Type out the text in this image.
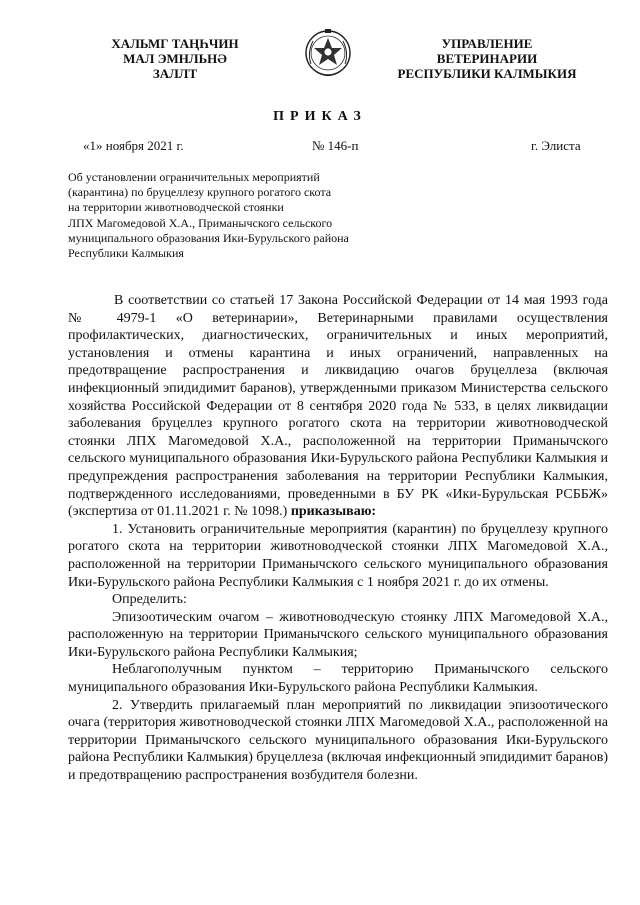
ХАЛЬМГ ТАҢҺЧИН
МАЛ ЭМНЛЬНӘ
ЗАЛЛТ
УПРАВЛЕНИЕ
ВЕТЕРИНАРИИ
РЕСПУБЛИКИ КАЛМЫКИЯ
ПРИКАЗ
«1» ноября 2021 г.	№ 146-п	г. Элиста
Об установлении ограничительных мероприятий
(карантина) по бруцеллезу крупного рогатого скота
на территории животноводческой стоянки
ЛПХ Магомедовой Х.А., Приманычского сельского
муниципального образования Ики-Бурульского района
Республики Калмыкия

В соответствии со статьей 17 Закона Российской Федерации от 14 мая 1993 года № 4979-1 «О ветеринарии», Ветеринарными правилами осуществления профилактических, диагностических, ограничительных и иных мероприятий, установления и отмены карантина и иных ограничений, направленных на предотвращение распространения и ликвидацию очагов бруцеллеза (включая инфекционный эпидидимит баранов), утвержденными приказом Министерства сельского хозяйства Российской Федерации от 8 сентября 2020 года № 533, в целях ликвидации заболевания бруцеллез крупного рогатого скота на территории животноводческой стоянки ЛПХ Магомедовой Х.А., расположенной на территории Приманычского сельского муниципального образования Ики-Бурульского района Республики Калмыкия и предупреждения распространения заболевания на территории Республики Калмыкия, подтвержденного исследованиями, проведенными в БУ РК «Ики-Бурульская РСББЖ» (экспертиза от 01.11.2021 г. № 1098.) приказываю:

1. Установить ограничительные мероприятия (карантин) по бруцеллезу крупного рогатого скота на территории животноводческой стоянки ЛПХ Магомедовой Х.А., расположенной на территории Приманычского сельского муниципального образования Ики-Бурульского района Республики Калмыкия с 1 ноября 2021 г. до их отмены.

Определить:

Эпизоотическим очагом – животноводческую стоянку ЛПХ Магомедовой Х.А., расположенную на территории Приманычского сельского муниципального образования Ики-Бурульского района Республики Калмыкия;

Неблагополучным пунктом – территорию Приманычского сельского муниципального образования Ики-Бурульского района Республики Калмыкия.

2. Утвердить прилагаемый план мероприятий по ликвидации эпизоотического очага (территория животноводческой стоянки ЛПХ Магомедовой Х.А., расположенной на территории Приманычского сельского муниципального образования Ики-Бурульского района Республики Калмыкия) бруцеллеза (включая инфекционный эпидидимит баранов) и предотвращению распространения возбудителя болезни.
